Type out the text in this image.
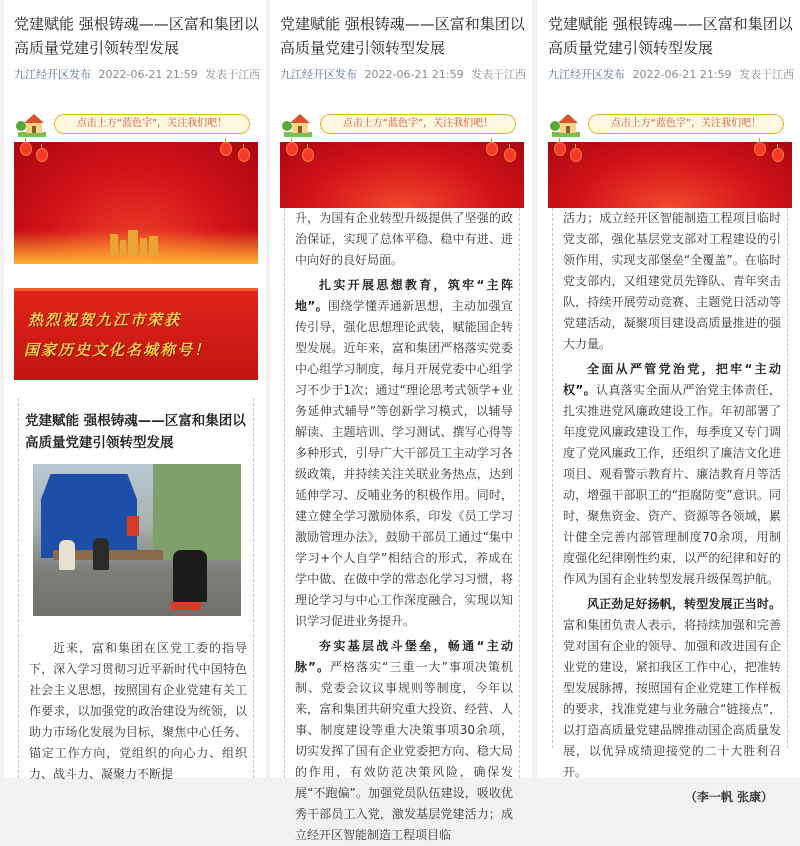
党建赋能 强根铸魂——区富和集团以高质量党建引领转型发展
九江经开区发布 2022-06-21 21:59 发表于江西
点击上方“蓝色字”，关注我们吧！
热烈祝贺九江市荣获
国家历史文化名城称号！
党建赋能 强根铸魂——区富和集团以高质量党建引领转型发展
近来，富和集团在区党工委的指导下，深入学习贯彻习近平新时代中国特色社会主义思想，按照国有企业党建有关工作要求，以加强党的政治建设为统领，以助力市场化发展为目标，聚焦中心任务、锚定工作方向，党组织的向心力、组织力、战斗力、凝聚力不断提
党建赋能 强根铸魂——区富和集团以高质量党建引领转型发展
九江经开区发布 2022-06-21 21:59 发表于江西
点击上方“蓝色字”，关注我们吧！
升，为国有企业转型升级提供了坚强的政治保证，实现了总体平稳、稳中有进、进中向好的良好局面。
扎实开展思想教育，筑牢“主阵地”。围绕学懂弄通新思想，主动加强宣传引导，强化思想理论武装，赋能国企转型发展。近年来，富和集团严格落实党委中心组学习制度，每月开展党委中心组学习不少于1次；通过“理论思考式领学+业务延伸式辅导”等创新学习模式，以辅导解读、主题培训、学习测试、撰写心得等多种形式，引导广大干部员工主动学习各级政策，并持续关注关联业务热点，达到延伸学习、反哺业务的积极作用。同时，建立健全学习激励体系，印发《员工学习激励管理办法》，鼓励干部员工通过“集中学习+个人自学”相结合的形式，养成在学中做、在做中学的常态化学习习惯，将理论学习与中心工作深度融合，实现以知识学习促进业务提升。
夯实基层战斗堡垒，畅通“主动脉”。严格落实“三重一大”事项决策机制、党委会议议事规则等制度，今年以来，富和集团共研究重大投资、经营、人事、制度建设等重大决策事项30余项，切实发挥了国有企业党委把方向、稳大局的作用，有效防范决策风险，确保发展“不跑偏”。加强党员队伍建设，吸收优秀干部员工入党，激发基层党建活力；成立经开区智能制造工程项目临
党建赋能 强根铸魂——区富和集团以高质量党建引领转型发展
九江经开区发布 2022-06-21 21:59 发表于江西
点击上方“蓝色字”，关注我们吧！
活力；成立经开区智能制造工程项目临时党支部，强化基层党支部对工程建设的引领作用，实现支部堡垒“全覆盖”。在临时党支部内，又组建党员先锋队、青年突击队，持续开展劳动竞赛、主题党日活动等党建活动，凝聚项目建设高质量推进的强大力量。
全面从严管党治党，把牢“主动权”。认真落实全面从严治党主体责任，扎实推进党风廉政建设工作。年初部署了年度党风廉政建设工作，每季度又专门调度了党风廉政工作，还组织了廉洁文化进项目、观看警示教育片、廉洁教育月等活动，增强干部职工的“拒腐防变”意识。同时，聚焦资金、资产、资源等各领域，累计健全完善内部管理制度70余项，用制度强化纪律刚性约束，以严的纪律和好的作风为国有企业转型发展升级保驾护航。
风正劲足好扬帆，转型发展正当时。富和集团负责人表示，将持续加强和完善党对国有企业的领导、加强和改进国有企业党的建设，紧扣我区工作中心，把准转型发展脉搏，按照国有企业党建工作样板的要求，找准党建与业务融合“链接点”，以打造高质量党建品牌推动国企高质量发展，以优异成绩迎接党的二十大胜利召开。
（李一帆 张康）
